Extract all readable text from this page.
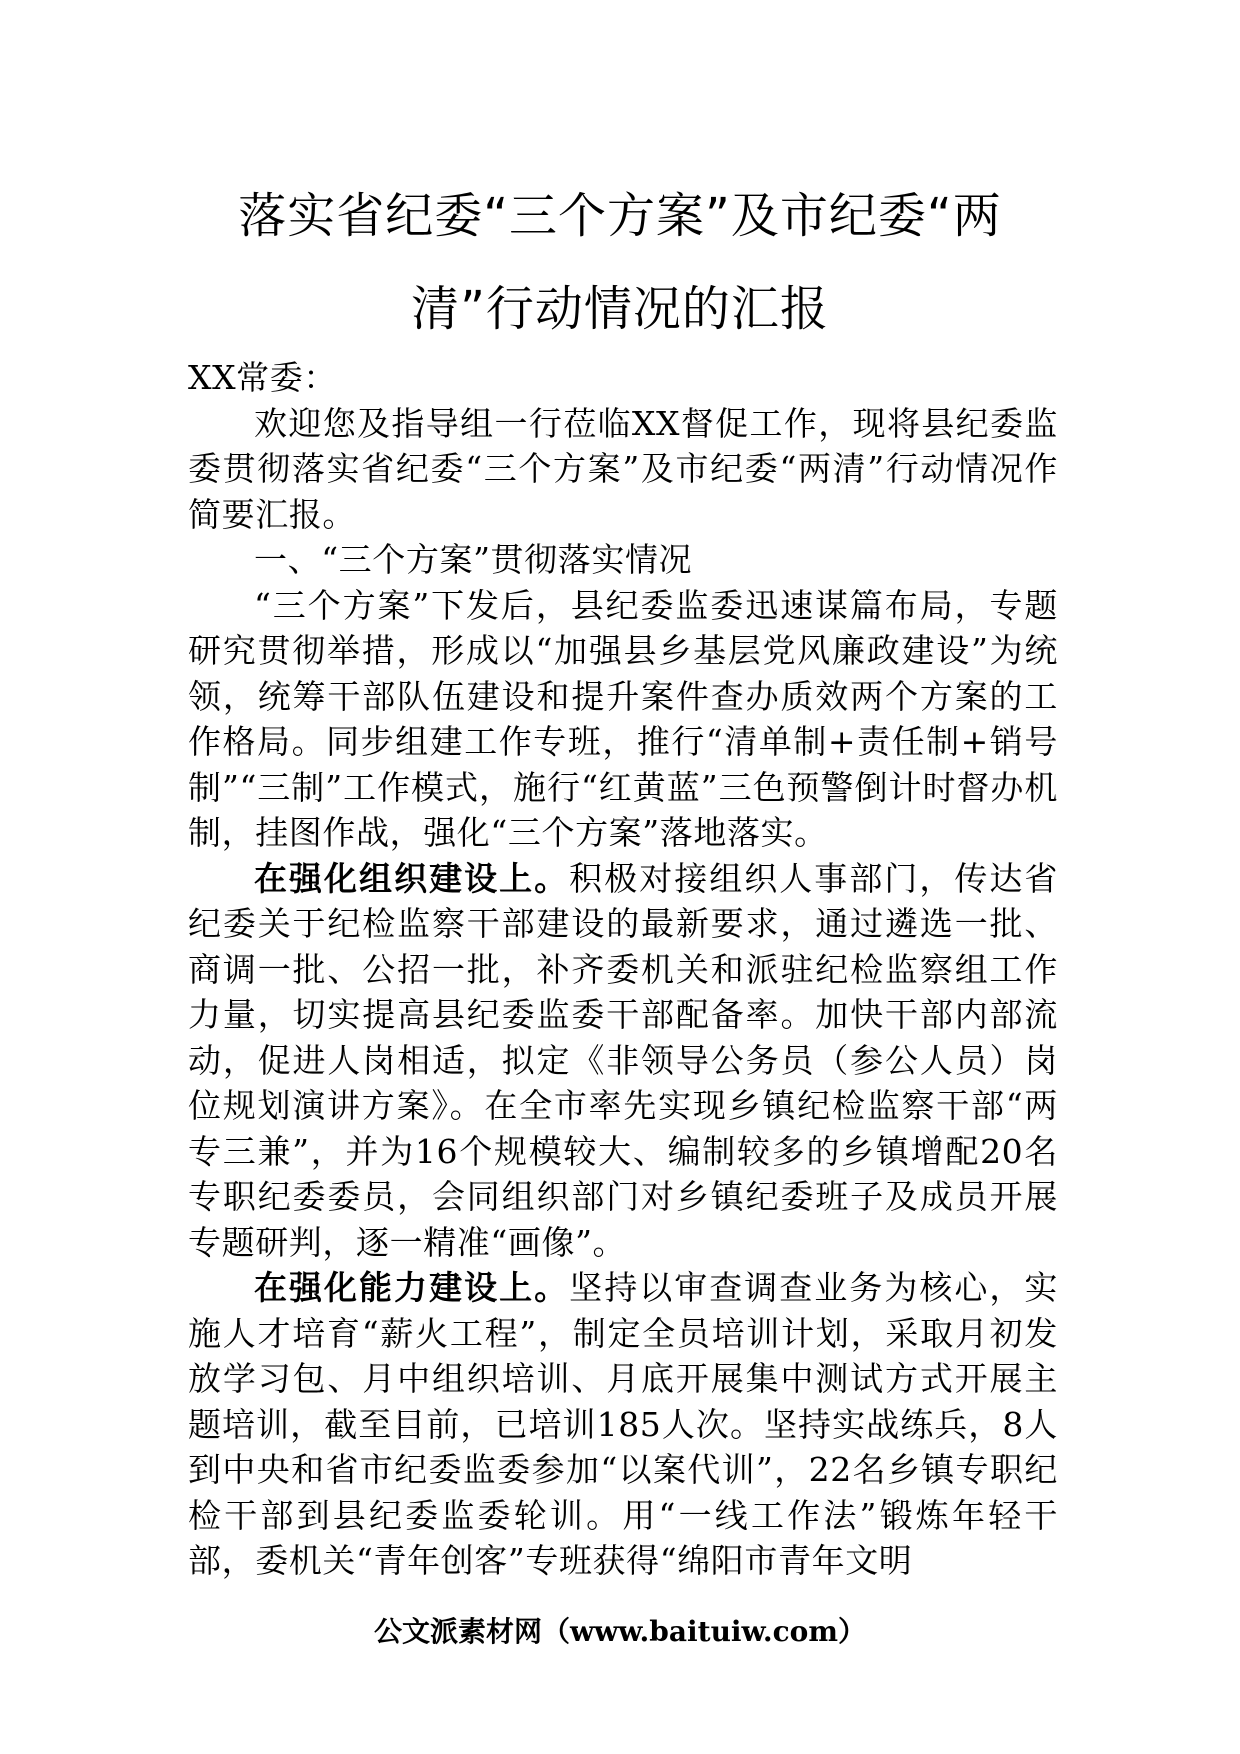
落实省纪委“三个方案”及市纪委“两
清”行动情况的汇报

XX常委：

欢迎您及指导组一行莅临XX督促工作，现将县纪委监委贯彻落实省纪委“三个方案”及市纪委“两清”行动情况作简要汇报。

一、“三个方案”贯彻落实情况

“三个方案”下发后，县纪委监委迅速谋篇布局，专题研究贯彻举措，形成以“加强县乡基层党风廉政建设”为统领，统筹干部队伍建设和提升案件查办质效两个方案的工作格局。同步组建工作专班，推行“清单制+责任制+销号制”“三制”工作模式，施行“红黄蓝”三色预警倒计时督办机制，挂图作战，强化“三个方案”落地落实。

在强化组织建设上。积极对接组织人事部门，传达省纪委关于纪检监察干部建设的最新要求，通过遴选一批、商调一批、公招一批，补齐委机关和派驻纪检监察组工作力量，切实提高县纪委监委干部配备率。加快干部内部流动，促进人岗相适，拟定《非领导公务员（参公人员）岗位规划演讲方案》。在全市率先实现乡镇纪检监察干部“两专三兼”，并为16个规模较大、编制较多的乡镇增配20名专职纪委委员，会同组织部门对乡镇纪委班子及成员开展专题研判，逐一精准“画像”。

在强化能力建设上。坚持以审查调查业务为核心，实施人才培育“薪火工程”，制定全员培训计划，采取月初发放学习包、月中组织培训、月底开展集中测试方式开展主题培训，截至目前，已培训185人次。坚持实战练兵，8人到中央和省市纪委监委参加“以案代训”，22名乡镇专职纪检干部到县纪委监委轮训。用“一线工作法”锻炼年轻干部，委机关“青年创客”专班获得“绵阳市青年文明

公文派素材网（www.baituiw.com）
